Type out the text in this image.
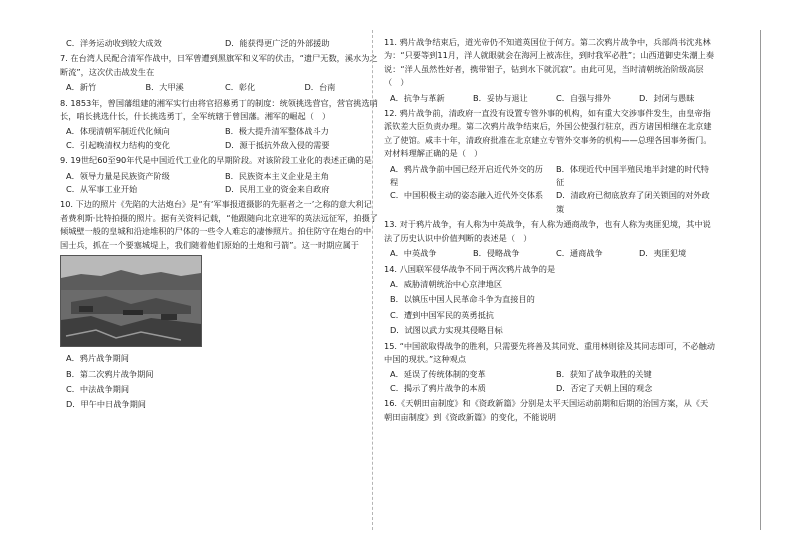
C．洋务运动收到较大成效	D．能获得更广泛的外部援助

7. 在台湾人民配合清军作战中，日军曾遭到黑旗军和义军的伏击，“遗尸无数，溪水为之断流”，这次伏击战发生在

A．新竹	B．大甲溪	C．彰化	D．台南

8. 1853年，曾国藩组建的湘军实行由将官招募勇丁的制度：统领挑选营官，营官挑选哨长，哨长挑选什长，什长挑选勇丁，全军统辖于曾国藩。湘军的崛起（　）

A．体现清朝军制近代化倾向	B．极大提升清军整体战斗力
C．引起晚清权力结构的变化	D．源于抵抗外敌入侵的需要

9. 19世纪60至90年代是中国近代工业化的早期阶段。对该阶段工业化的表述正确的是

A．领导力量是民族资产阶级	B．民族资本主义企业是主角
C．从军事工业开始	D．民用工业的资金来自政府

10. 下边的照片《先陷的大沽炮台》是“有‘军事报道摄影的先驱者之一’之称的意大利记者费利斯·比特拍摄的照片。据有关资料记载，“他跟随向北京进军的英法远征军，拍摄了倾城壁一般的皇城和沿途堆积的尸体的一些令人难忘的凄惨照片。拍住防守在炮台的中国士兵，抓在一个要塞城堤上，我们随着他们原始的土炮和弓箭”。这一时期应属于

A．鸦片战争期间
B．第二次鸦片战争期间
C．中法战争期间
D．甲午中日战争期间

11. 鸦片战争结束后，道光帝仍不知道英国位于何方。第二次鸦片战争中，兵部尚书沈兆林为：“只要等到11月，洋人就眼就会在海河上被冻住，到时我军必胜”；山西道御史朱潮上奏说：“洋人虽然性好者，携带钳子，钻到水下就沉寂”。由此可见，当时清朝统治阶级高层（　）

A．抗争与革新	B．妥协与退让	C．自强与排外	D．封闭与愚昧

12. 鸦片战争前，清政府一直没有设置专管外事的机构，如有重大交涉事件发生，由皇帝指派钦差大臣负责办理。第二次鸦片战争结束后，外国公使强行驻京，西方诸国相继在北京建立了使馆。咸丰十年，清政府批准在北京建立专管外交事务的机构——总理各国事务衙门。对材料理解正确的是（　）

A．鸦片战争前中国已经开启近代外交的历程
B．体现近代中国半殖民地半封建的时代特征
C．中国积极主动的姿态融入近代外交体系	D．清政府已彻底放弃了闭关锁国的对外政策

13. 对于鸦片战争，有人称为中英战争，有人称为通商战争，也有人称为夷匪犯境，其中说法了历史认识中价值判断的表述是（　）

A．中英战争	B．侵略战争	C．通商战争	D．夷匪犯境

14. 八国联军侵华战争不同于两次鸦片战争的是

A．威胁清朝统治中心京津地区
B．以镇压中国人民革命斗争为直接目的
C．遭到中国军民的英勇抵抗
D．试图以武力实现其侵略目标

15. “中国欲取得战争的胜利，只需要先将善及其同党、重用林则徐及其同志即可，不必触动中国的现状。”这种观点

A．延误了传统体制的变革	B．获知了战争取胜的关键
C．揭示了鸦片战争的本质	D．否定了天朝上国的观念

16.《天朝田亩制度》和《资政新篇》分别是太平天国运动前期和后期的治国方案，从《天朝田亩制度》到《资政新篇》的变化，不能说明
